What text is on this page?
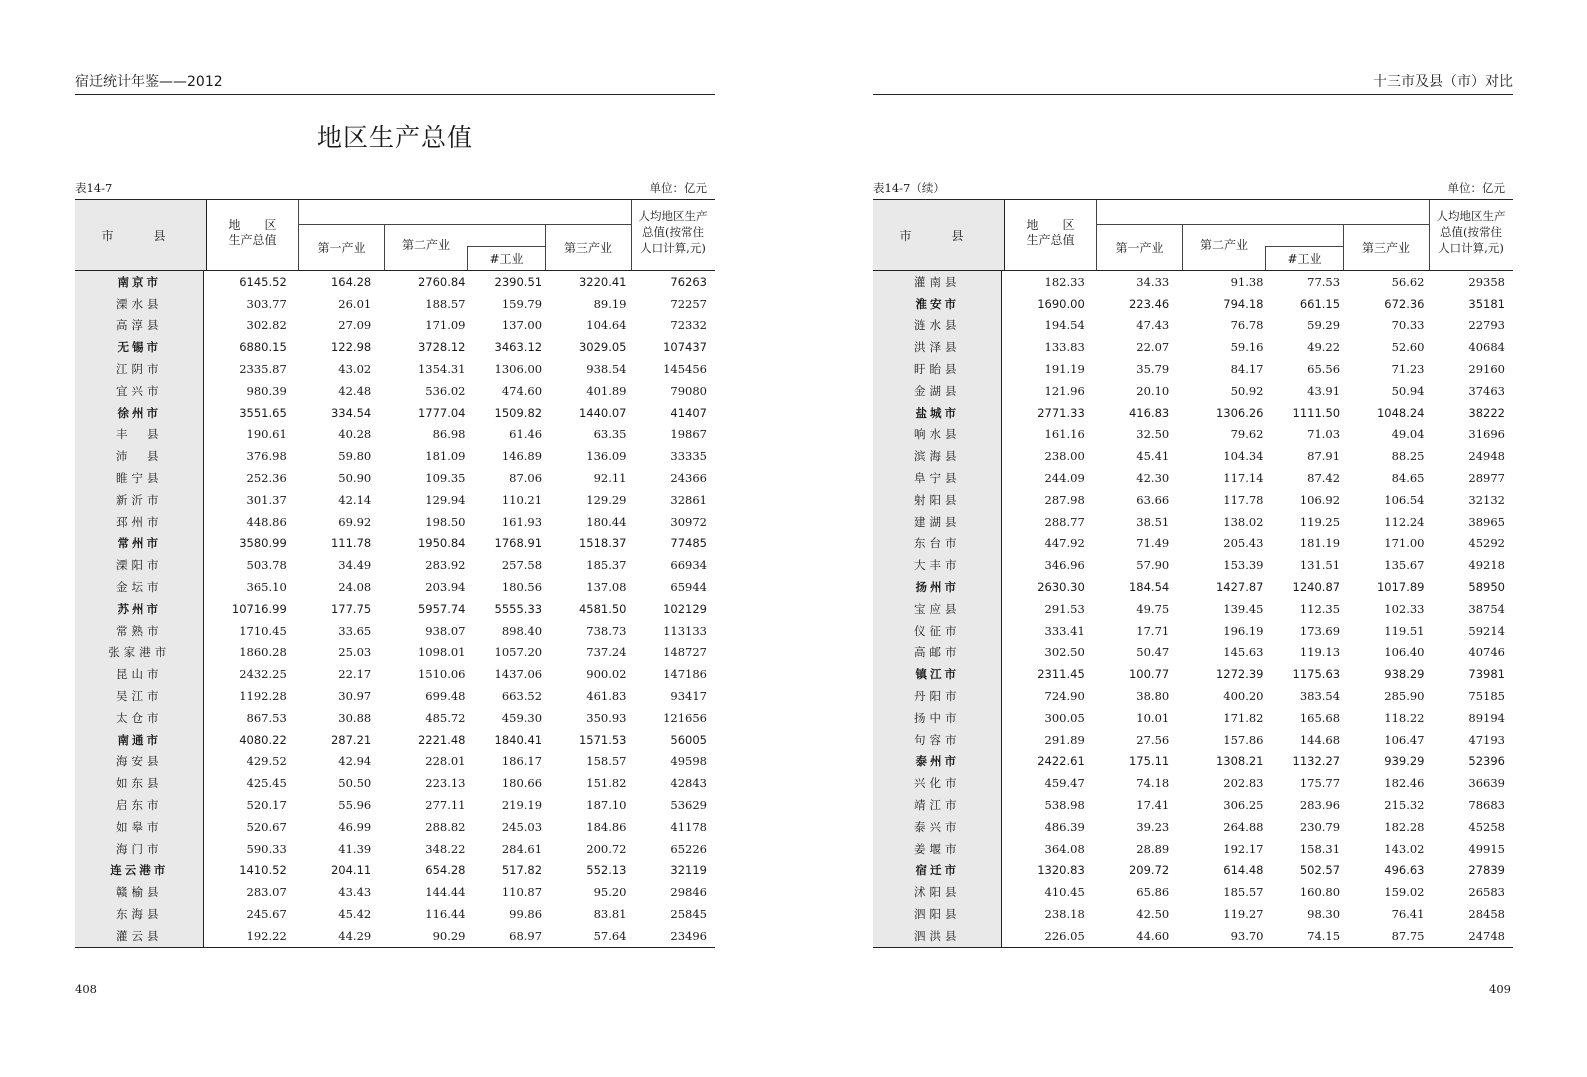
宿迁统计年鉴——2012
地区生产总值
表14-7	单位：亿元
市　县
地　　区
生产总值
第一产业	第二产业
#工业
第三产业
人均地区生产
总值(按常住
人口计算,元)
南京市	6145.52	164.28	2760.84	2390.51	3220.41	76263
溧水县	303.77	26.01	188.57	159.79	89.19	72257
高淳县	302.82	27.09	171.09	137.00	104.64	72332
无锡市	6880.15	122.98	3728.12	3463.12	3029.05	107437
江阴市	2335.87	43.02	1354.31	1306.00	938.54	145456
宜兴市	980.39	42.48	536.02	474.60	401.89	79080
徐州市	3551.65	334.54	1777.04	1509.82	1440.07	41407
丰　县	190.61	40.28	86.98	61.46	63.35	19867
沛　县	376.98	59.80	181.09	146.89	136.09	33335
睢宁县	252.36	50.90	109.35	87.06	92.11	24366
新沂市	301.37	42.14	129.94	110.21	129.29	32861
邳州市	448.86	69.92	198.50	161.93	180.44	30972
常州市	3580.99	111.78	1950.84	1768.91	1518.37	77485
溧阳市	503.78	34.49	283.92	257.58	185.37	66934
金坛市	365.10	24.08	203.94	180.56	137.08	65944
苏州市	10716.99	177.75	5957.74	5555.33	4581.50	102129
常熟市	1710.45	33.65	938.07	898.40	738.73	113133
张家港市	1860.28	25.03	1098.01	1057.20	737.24	148727
昆山市	2432.25	22.17	1510.06	1437.06	900.02	147186
吴江市	1192.28	30.97	699.48	663.52	461.83	93417
太仓市	867.53	30.88	485.72	459.30	350.93	121656
南通市	4080.22	287.21	2221.48	1840.41	1571.53	56005
海安县	429.52	42.94	228.01	186.17	158.57	49598
如东县	425.45	50.50	223.13	180.66	151.82	42843
启东市	520.17	55.96	277.11	219.19	187.10	53629
如皋市	520.67	46.99	288.82	245.03	184.86	41178
海门市	590.33	41.39	348.22	284.61	200.72	65226
连云港市	1410.52	204.11	654.28	517.82	552.13	32119
赣榆县	283.07	43.43	144.44	110.87	95.20	29846
东海县	245.67	45.42	116.44	99.86	83.81	25845
灌云县	192.22	44.29	90.29	68.97	57.64	23496
408
十三市及县（市）对比
表14-7（续）	单位：亿元
市　县
地　　区
生产总值
第一产业	第二产业
#工业
第三产业
人均地区生产
总值(按常住
人口计算,元)
灌南县	182.33	34.33	91.38	77.53	56.62	29358
淮安市	1690.00	223.46	794.18	661.15	672.36	35181
涟水县	194.54	47.43	76.78	59.29	70.33	22793
洪泽县	133.83	22.07	59.16	49.22	52.60	40684
盱眙县	191.19	35.79	84.17	65.56	71.23	29160
金湖县	121.96	20.10	50.92	43.91	50.94	37463
盐城市	2771.33	416.83	1306.26	1111.50	1048.24	38222
响水县	161.16	32.50	79.62	71.03	49.04	31696
滨海县	238.00	45.41	104.34	87.91	88.25	24948
阜宁县	244.09	42.30	117.14	87.42	84.65	28977
射阳县	287.98	63.66	117.78	106.92	106.54	32132
建湖县	288.77	38.51	138.02	119.25	112.24	38965
东台市	447.92	71.49	205.43	181.19	171.00	45292
大丰市	346.96	57.90	153.39	131.51	135.67	49218
扬州市	2630.30	184.54	1427.87	1240.87	1017.89	58950
宝应县	291.53	49.75	139.45	112.35	102.33	38754
仪征市	333.41	17.71	196.19	173.69	119.51	59214
高邮市	302.50	50.47	145.63	119.13	106.40	40746
镇江市	2311.45	100.77	1272.39	1175.63	938.29	73981
丹阳市	724.90	38.80	400.20	383.54	285.90	75185
扬中市	300.05	10.01	171.82	165.68	118.22	89194
句容市	291.89	27.56	157.86	144.68	106.47	47193
泰州市	2422.61	175.11	1308.21	1132.27	939.29	52396
兴化市	459.47	74.18	202.83	175.77	182.46	36639
靖江市	538.98	17.41	306.25	283.96	215.32	78683
泰兴市	486.39	39.23	264.88	230.79	182.28	45258
姜堰市	364.08	28.89	192.17	158.31	143.02	49915
宿迁市	1320.83	209.72	614.48	502.57	496.63	27839
沭阳县	410.45	65.86	185.57	160.80	159.02	26583
泗阳县	238.18	42.50	119.27	98.30	76.41	28458
泗洪县	226.05	44.60	93.70	74.15	87.75	24748
409
